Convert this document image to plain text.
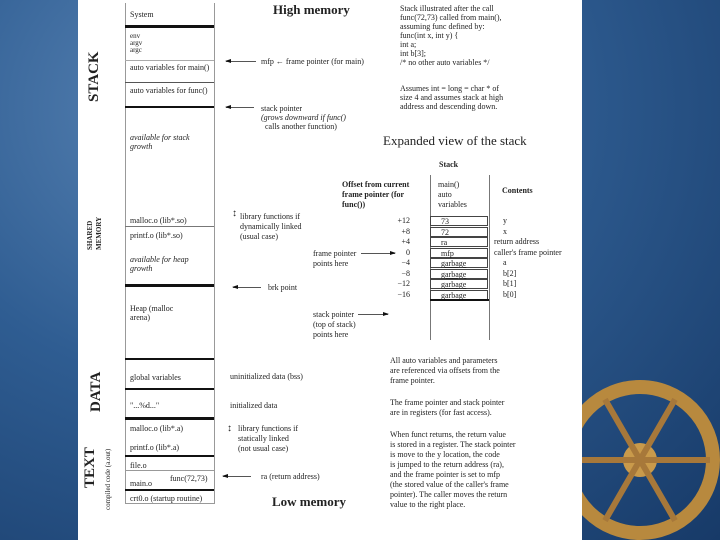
STACK
SHARED MEMORY
DATA
TEXT compiled code (a.out)
System
env
argv
argc
auto variables for main()
auto variables for func()
available for stack growth
malloc.o (lib*.so)
printf.o (lib*.so)
available for heap growth
Heap (malloc arena)
global variables
"...%d..."
malloc.o (lib*.a)
printf.o (lib*.a)
file.o
main.o
func(72,73)
crt0.o (startup routine)
High memory
Low memory
mfp ← frame pointer (for main)
stack pointer
(grows downward if func()
calls another function)
↕ library functions if
dynamically linked
(usual case)
brk point
uninitialized data (bss)
initialized data
↕ library functions if
statically linked
(not usual case)
ra (return address)
Stack illustrated after the call
func(72,73) called from main(),
assuming func defined by:
func(int x, int y) {
int a;
int b[3];
/* no other auto variables */
Assumes int = long = char * of
size 4 and assumes stack at high
address and descending down.
Expanded view of the stack
Stack
Offset from current
frame pointer (for
func())
main()
auto
variables
Contents
+12	73	y
+8	72	x
+4	ra	return address
0	mfp	caller's frame pointer
−4	garbage	a
−8	garbage	b[2]
−12	garbage	b[1]
−16	garbage	b[0]
frame pointer
points here
stack pointer
(top of stack)
points here
All auto variables and parameters
are referenced via offsets from the
frame pointer.
The frame pointer and stack pointer
are in registers (for fast access).
When funct returns, the return value
is stored in a register. The stack pointer
is move to the y location, the code
is jumped to the return address (ra),
and the frame pointer is set to mfp
(the stored value of the caller's frame
pointer). The caller moves the return
value to the right place.
